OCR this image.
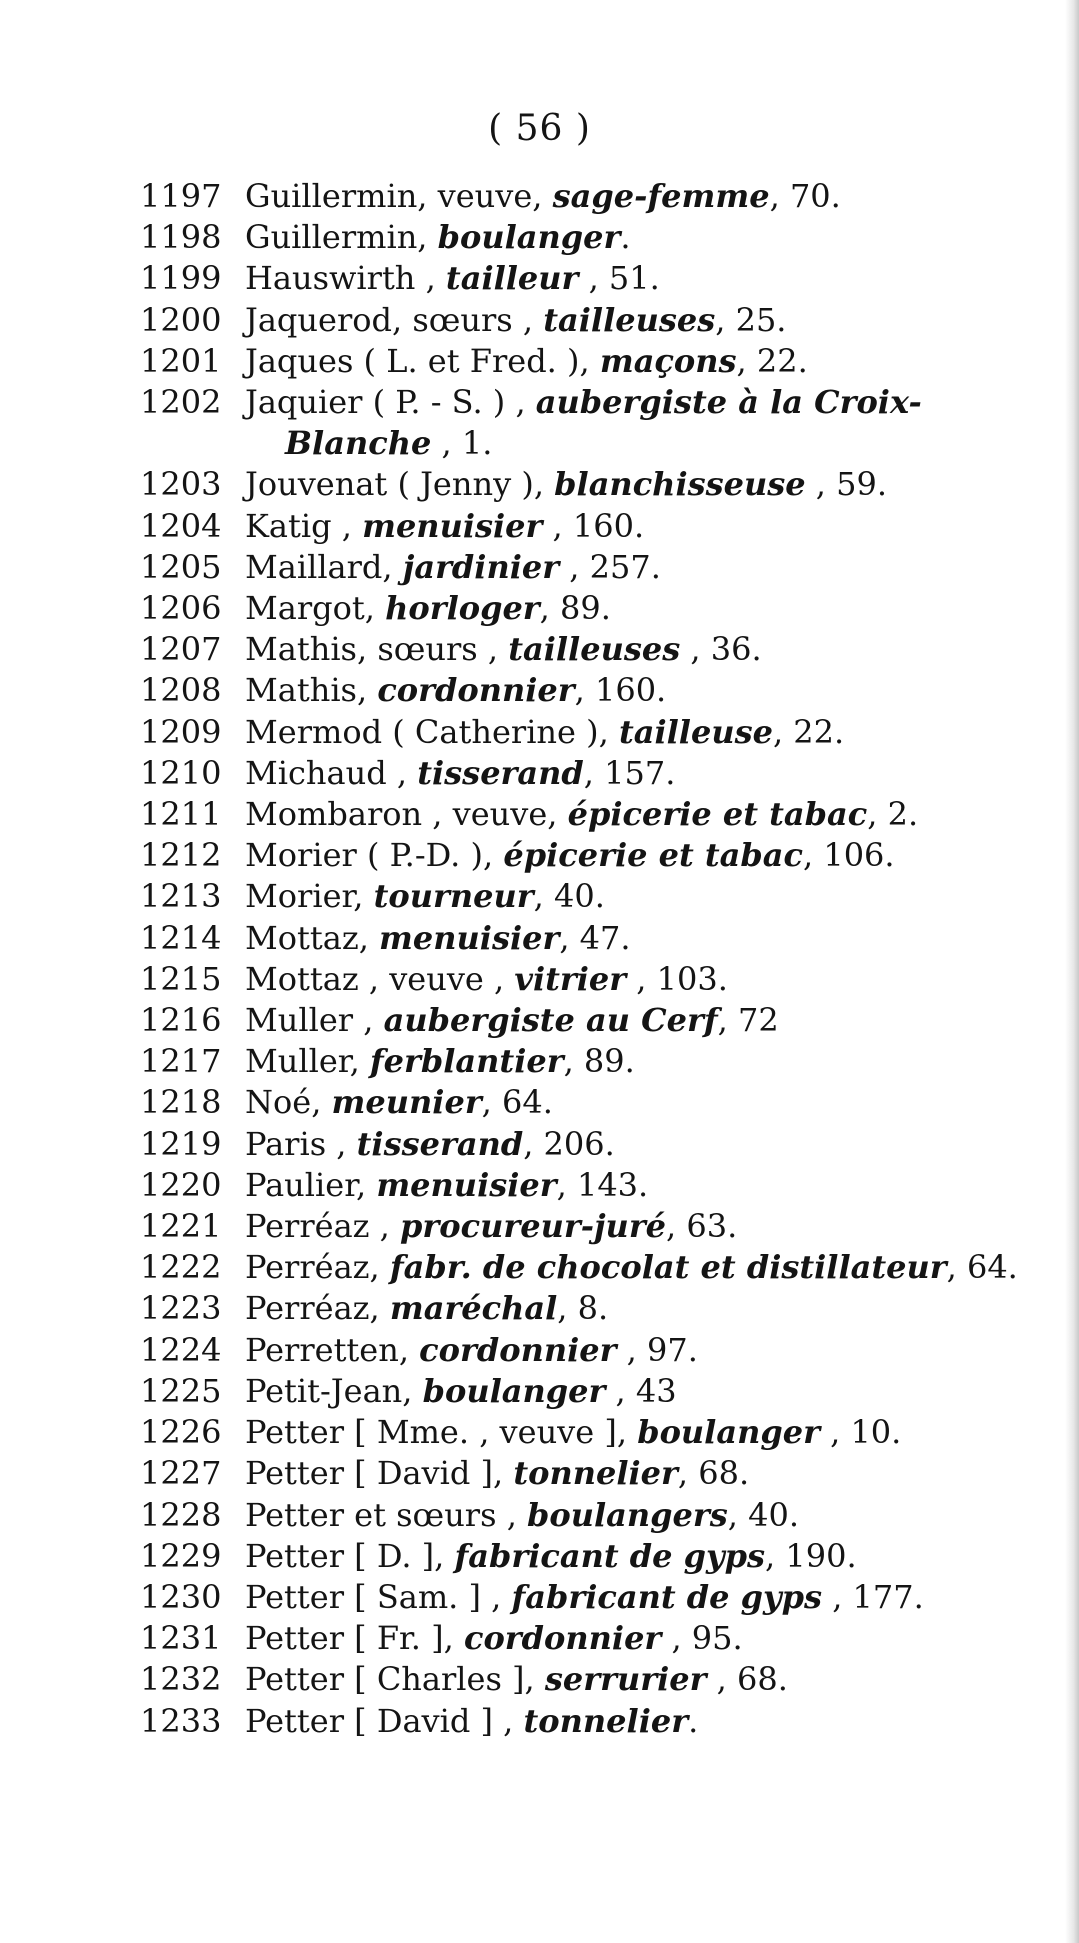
( 56 )
1197 Guillermin, veuve, sage-femme, 70.
1198 Guillermin, boulanger.
1199 Hauswirth , tailleur , 51.
1200 Jaquerod, sœurs , tailleuses, 25.
1201 Jaques ( L. et Fred. ), maçons, 22.
1202 Jaquier ( P. - S. ) , aubergiste à la Croix-
Blanche , 1.
1203 Jouvenat ( Jenny ), blanchisseuse , 59.
1204 Katig , menuisier , 160.
1205 Maillard, jardinier , 257.
1206 Margot, horloger, 89.
1207 Mathis, sœurs , tailleuses , 36.
1208 Mathis, cordonnier, 160.
1209 Mermod ( Catherine ), tailleuse, 22.
1210 Michaud , tisserand, 157.
1211 Mombaron , veuve, épicerie et tabac, 2.
1212 Morier ( P.-D. ), épicerie et tabac, 106.
1213 Morier, tourneur, 40.
1214 Mottaz, menuisier, 47.
1215 Mottaz , veuve , vitrier , 103.
1216 Muller , aubergiste au Cerf, 72
1217 Muller, ferblantier, 89.
1218 Noé, meunier, 64.
1219 Paris , tisserand, 206.
1220 Paulier, menuisier, 143.
1221 Perréaz , procureur-juré, 63.
1222 Perréaz, fabr. de chocolat et distillateur, 64.
1223 Perréaz, maréchal, 8.
1224 Perretten, cordonnier , 97.
1225 Petit-Jean, boulanger , 43
1226 Petter [ Mme. , veuve ], boulanger , 10.
1227 Petter [ David ], tonnelier, 68.
1228 Petter et sœurs , boulangers, 40.
1229 Petter [ D. ], fabricant de gyps, 190.
1230 Petter [ Sam. ] , fabricant de gyps , 177.
1231 Petter [ Fr. ], cordonnier , 95.
1232 Petter [ Charles ], serrurier , 68.
1233 Petter [ David ] , tonnelier.
